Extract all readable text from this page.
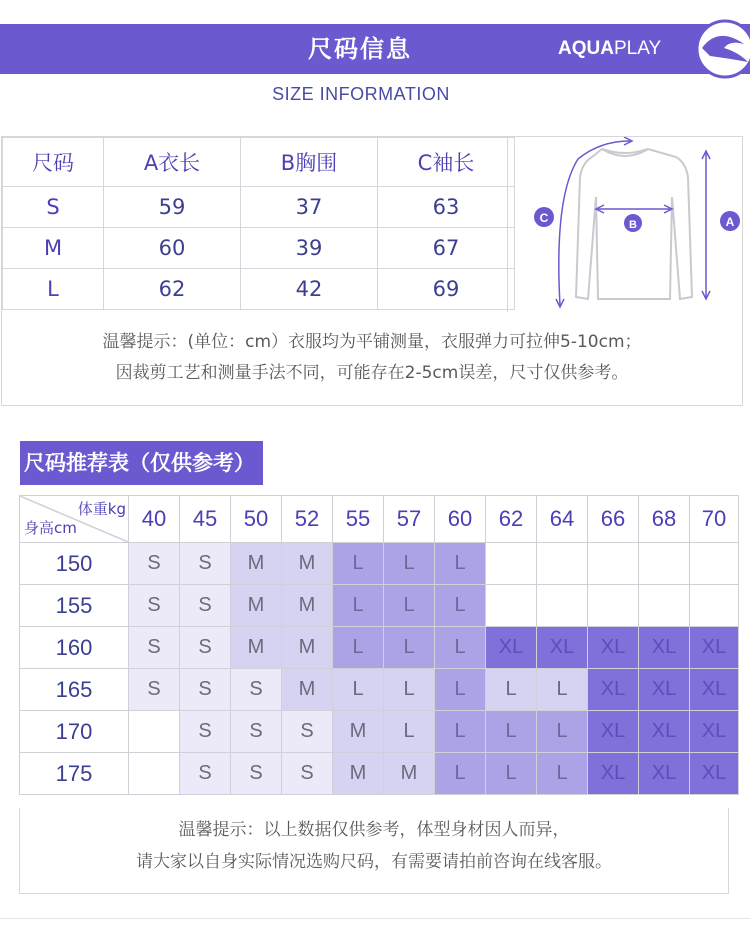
尺码信息	AQUAPLAY
SIZE INFORMATION
尺码	A衣长	B胸围	C袖长
S	59	37	63
M	60	39	67
L	62	42	69
C	B	A
温馨提示：(单位：cm）衣服均为平铺测量，衣服弹力可拉伸5-10cm；
因裁剪工艺和测量手法不同，可能存在2-5cm误差，尺寸仅供参考。
尺码推荐表（仅供参考）
体重kg
身高cm	40	45	50	52	55	57	60	62	64	66	68	70
150	S	S	M	M	L	L	L					
155	S	S	M	M	L	L	L					
160	S	S	M	M	L	L	L	XL	XL	XL	XL	XL
165	S	S	S	M	L	L	L	L	L	XL	XL	XL
170		S	S	S	M	L	L	L	L	XL	XL	XL
175		S	S	S	M	M	L	L	L	XL	XL	XL
温馨提示：以上数据仅供参考，体型身材因人而异，
请大家以自身实际情况选购尺码，有需要请拍前咨询在线客服。
